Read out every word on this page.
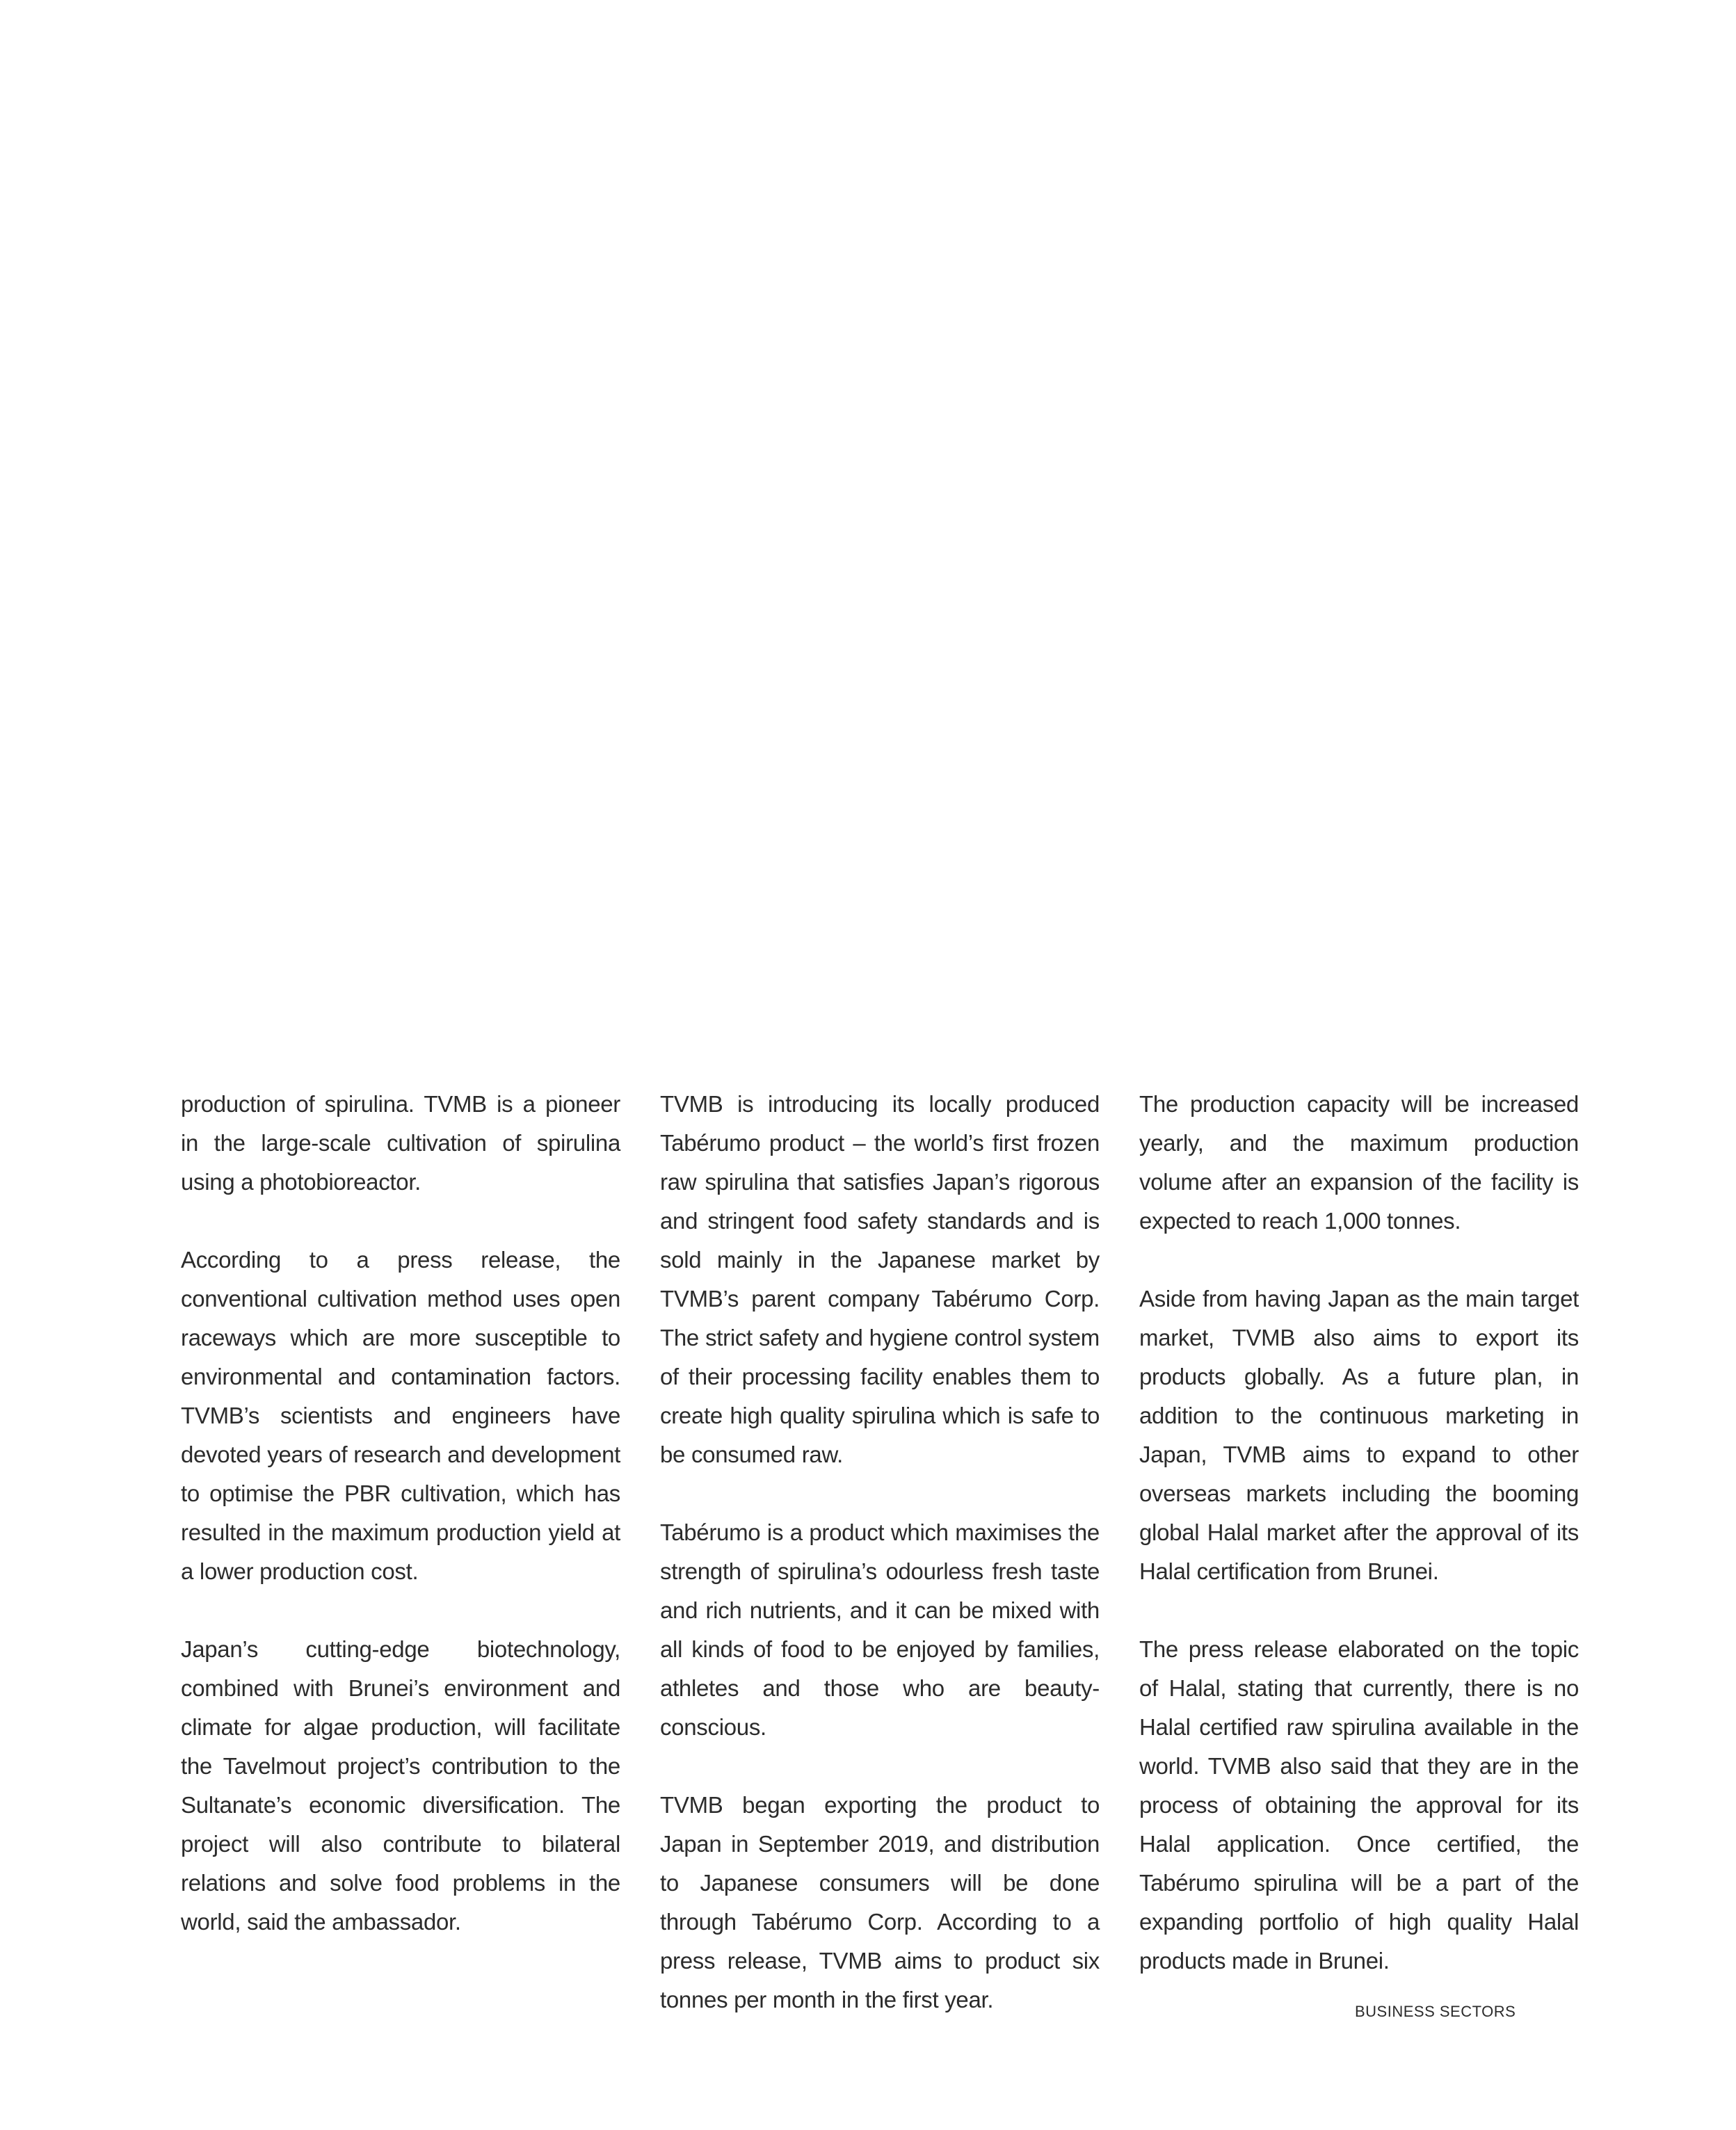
production of spirulina. TVMB is a pioneer in the large-scale cultivation of spirulina using a photobioreactor.

According to a press release, the conventional cultivation method uses open raceways which are more susceptible to environmental and contamination factors. TVMB’s scientists and engineers have devoted years of research and development to optimise the PBR cultivation, which has resulted in the maximum production yield at a lower production cost.

Japan’s cutting-edge biotechnology, combined with Brunei’s environment and climate for algae production, will facilitate the Tavelmout project’s contribution to the Sultanate’s economic diversification. The project will also contribute to bilateral relations and solve food problems in the world, said the ambassador.

TVMB is introducing its locally produced Tabérumo product – the world’s first frozen raw spirulina that satisfies Japan’s rigorous and stringent food safety standards and is sold mainly in the Japanese market by TVMB’s parent company Tabérumo Corp. The strict safety and hygiene control system of their processing facility enables them to create high quality spirulina which is safe to be consumed raw.

Tabérumo is a product which maximises the strength of spirulina’s odourless fresh taste and rich nutrients, and it can be mixed with all kinds of food to be enjoyed by families, athletes and those who are beauty-conscious.

TVMB began exporting the product to Japan in September 2019, and distribution to Japanese consumers will be done through Tabérumo Corp. According to a press release, TVMB aims to product six tonnes per month in the first year.

The production capacity will be increased yearly, and the maximum production volume after an expansion of the facility is expected to reach 1,000 tonnes.

Aside from having Japan as the main target market, TVMB also aims to export its products globally. As a future plan, in addition to the continuous marketing in Japan, TVMB aims to expand to other overseas markets including the booming global Halal market after the approval of its Halal certification from Brunei.

The press release elaborated on the topic of Halal, stating that currently, there is no Halal certified raw spirulina available in the world. TVMB also said that they are in the process of obtaining the approval for its Halal application. Once certified, the Tabérumo spirulina will be a part of the expanding portfolio of high quality Halal products made in Brunei.

BUSINESS SECTORS
